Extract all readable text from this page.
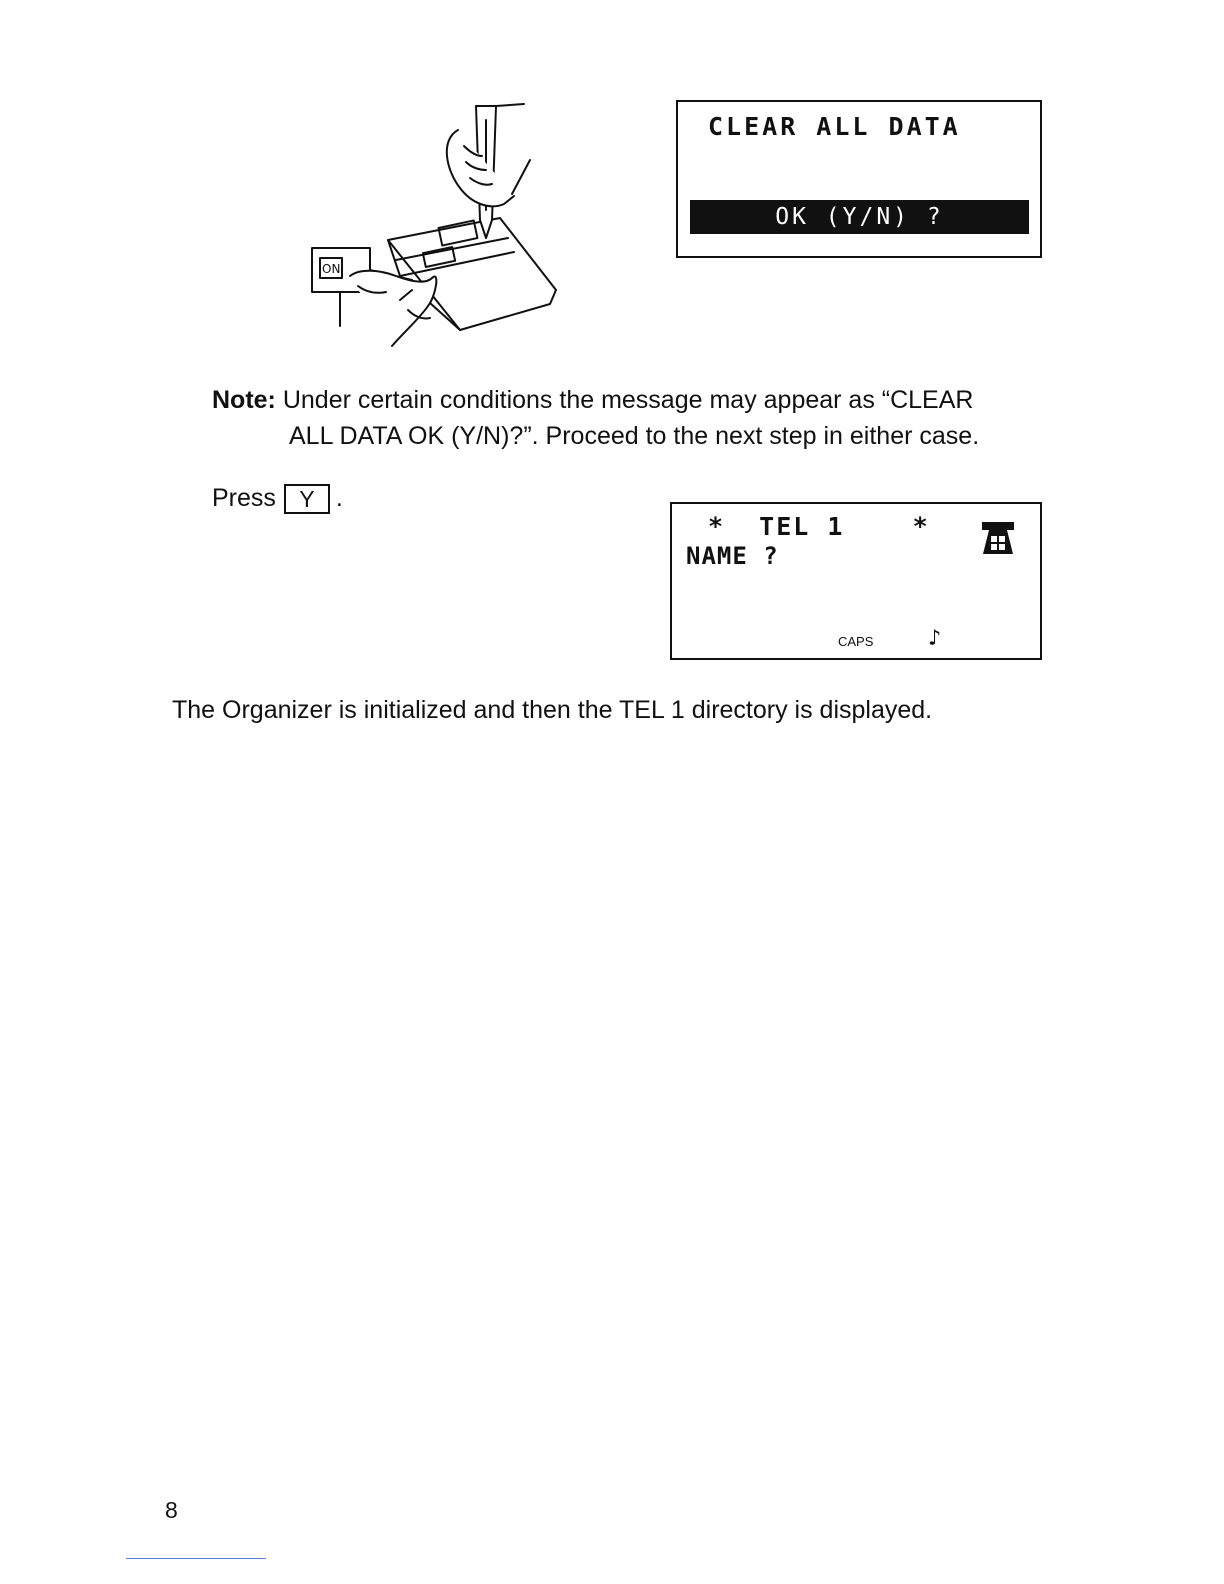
ON
CLEAR ALL DATA
OK (Y/N) ?
Note: Under certain conditions the message may appear as “CLEAR
ALL DATA OK (Y/N)?”. Proceed to the next step in either case.
Press Y .
*  TEL 1    *
NAME ?
CAPS ♪
The Organizer is initialized and then the TEL 1 directory is displayed.
8
